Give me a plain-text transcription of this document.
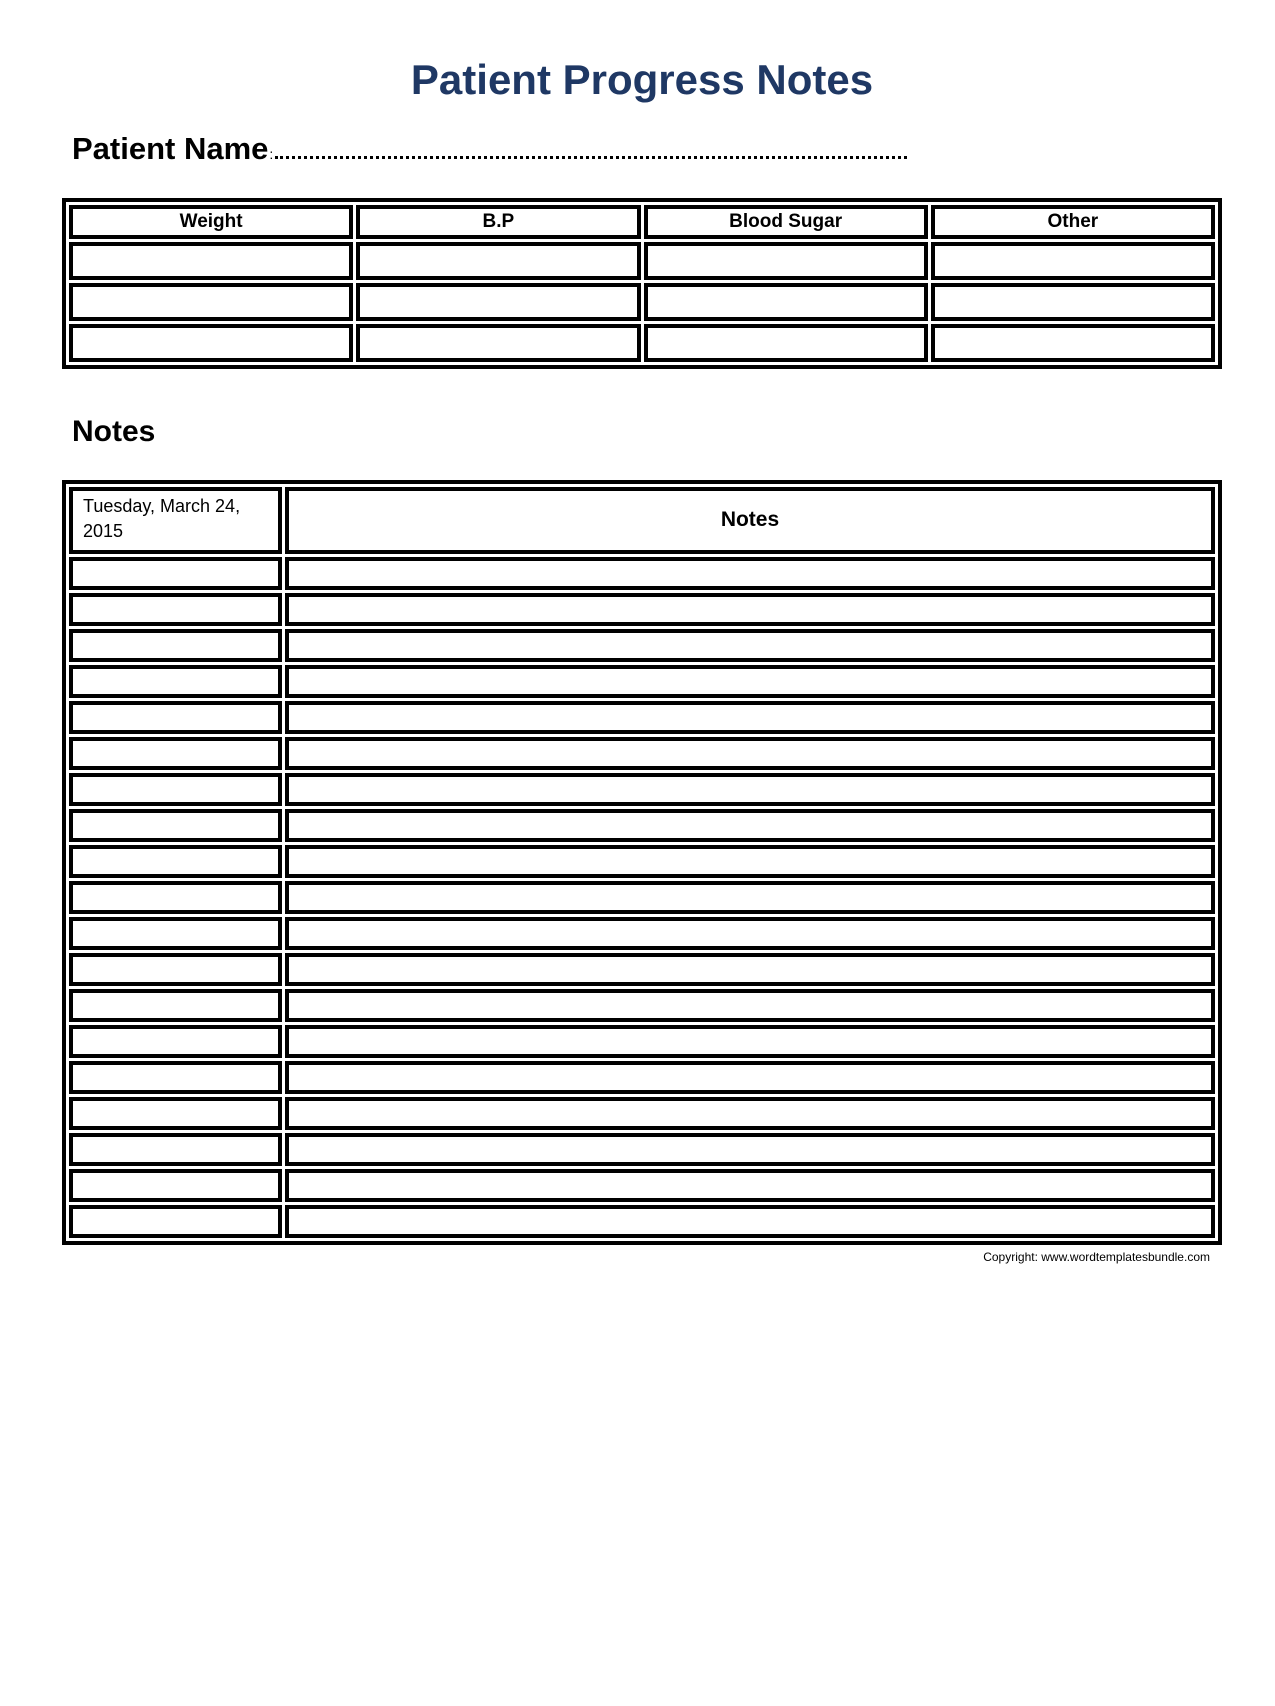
Patient Progress Notes
Patient Name :
Weight	B.P	Blood Sugar	Other

Notes
Tuesday, March 24, 2015	Notes

Copyright: www.wordtemplatesbundle.com
